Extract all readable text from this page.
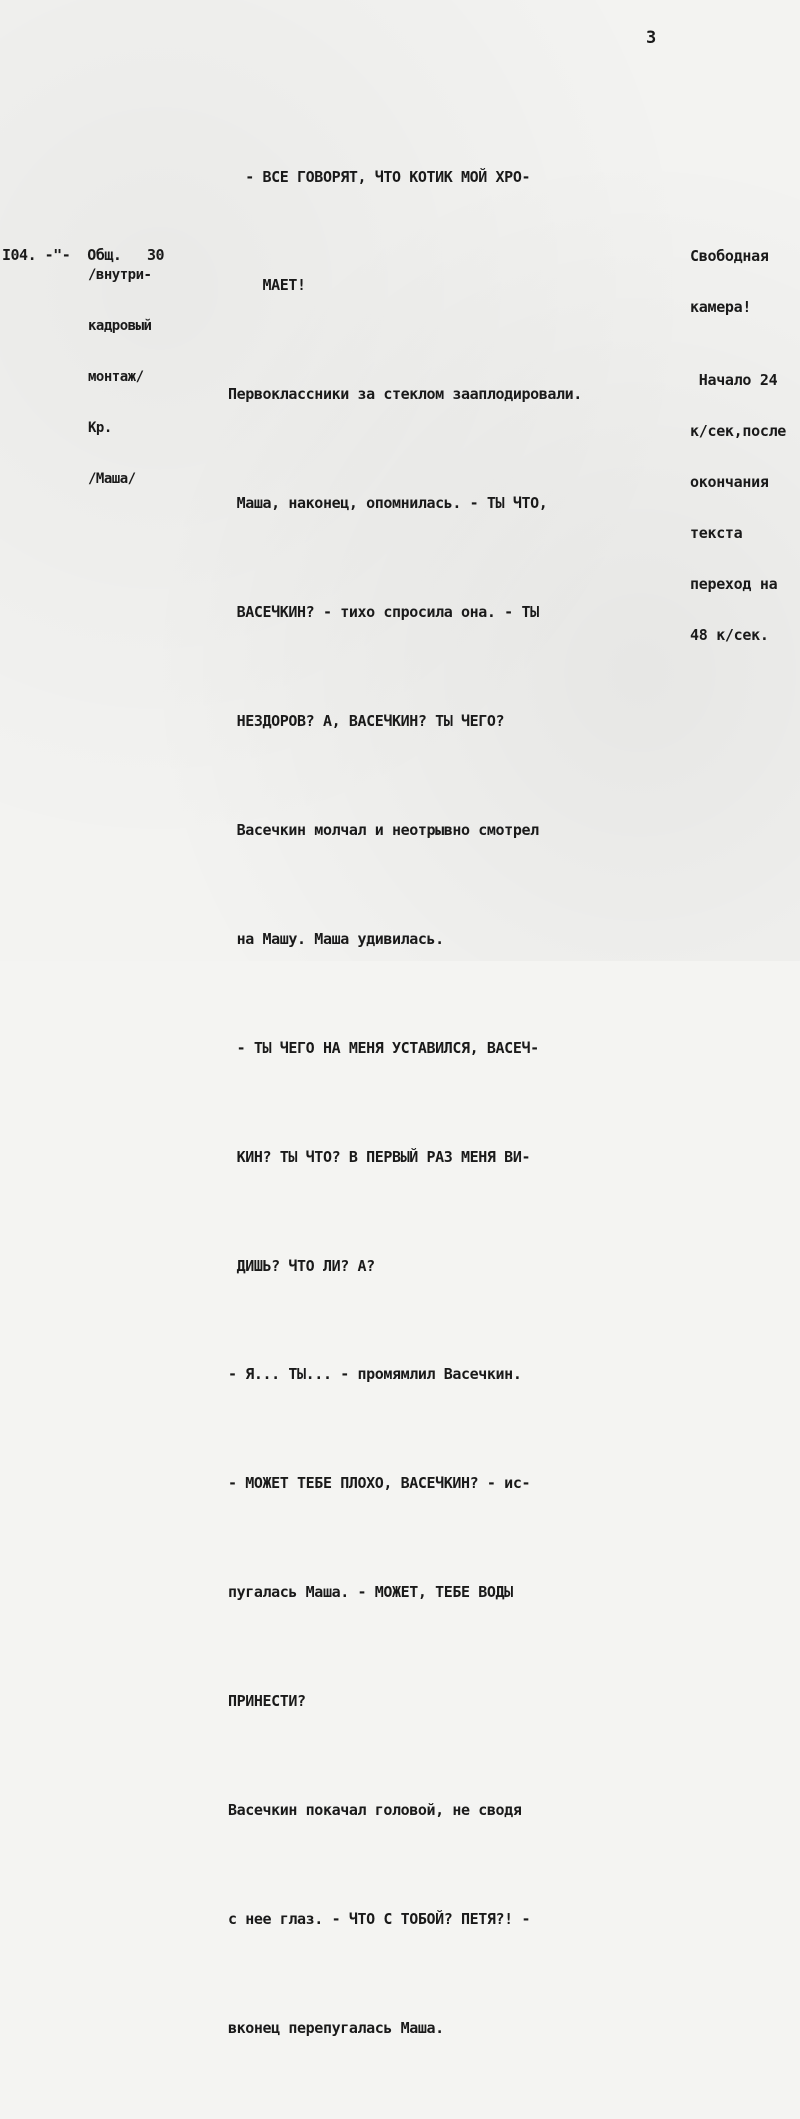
3

- ВСЕ ГОВОРЯТ, ЧТО КОТИК МОЙ ХРО-

МАЕТ!

Первоклассники за стеклом зааплодировали.

Маша, наконец, опомнилась. - ТЫ ЧТО,

ВАСЕЧКИН? - тихо спросила она. - ТЫ

НЕЗДОРОВ? А, ВАСЕЧКИН? ТЫ ЧЕГО?

Васечкин молчал и неотрывно смотрел

на Машу. Маша удивилась.

- ТЫ ЧЕГО НА МЕНЯ УСТАВИЛСЯ, ВАСЕЧ-

КИН? ТЫ ЧТО? В ПЕРВЫЙ РАЗ МЕНЯ ВИ-

ДИШЬ? ЧТО ЛИ? А?

- Я... ТЫ... - промямлил Васечкин.

- МОЖЕТ ТЕБЕ ПЛОХО, ВАСЕЧКИН? - ис-

пугалась Маша. - МОЖЕТ, ТЕБЕ ВОДЫ

ПРИНЕСТИ?

Васечкин покачал головой, не сводя

с нее глаз. - ЧТО С ТОБОЙ? ПЕТЯ?! -

вконец перепугалась Маша.

I04. -"-  Общ.   30

/внутри-

кадровый

монтаж/

Кр.

/Маша/

Свободная

камера!

Начало 24

к/сек,после

окончания

текста

переход на

48 к/сек.
